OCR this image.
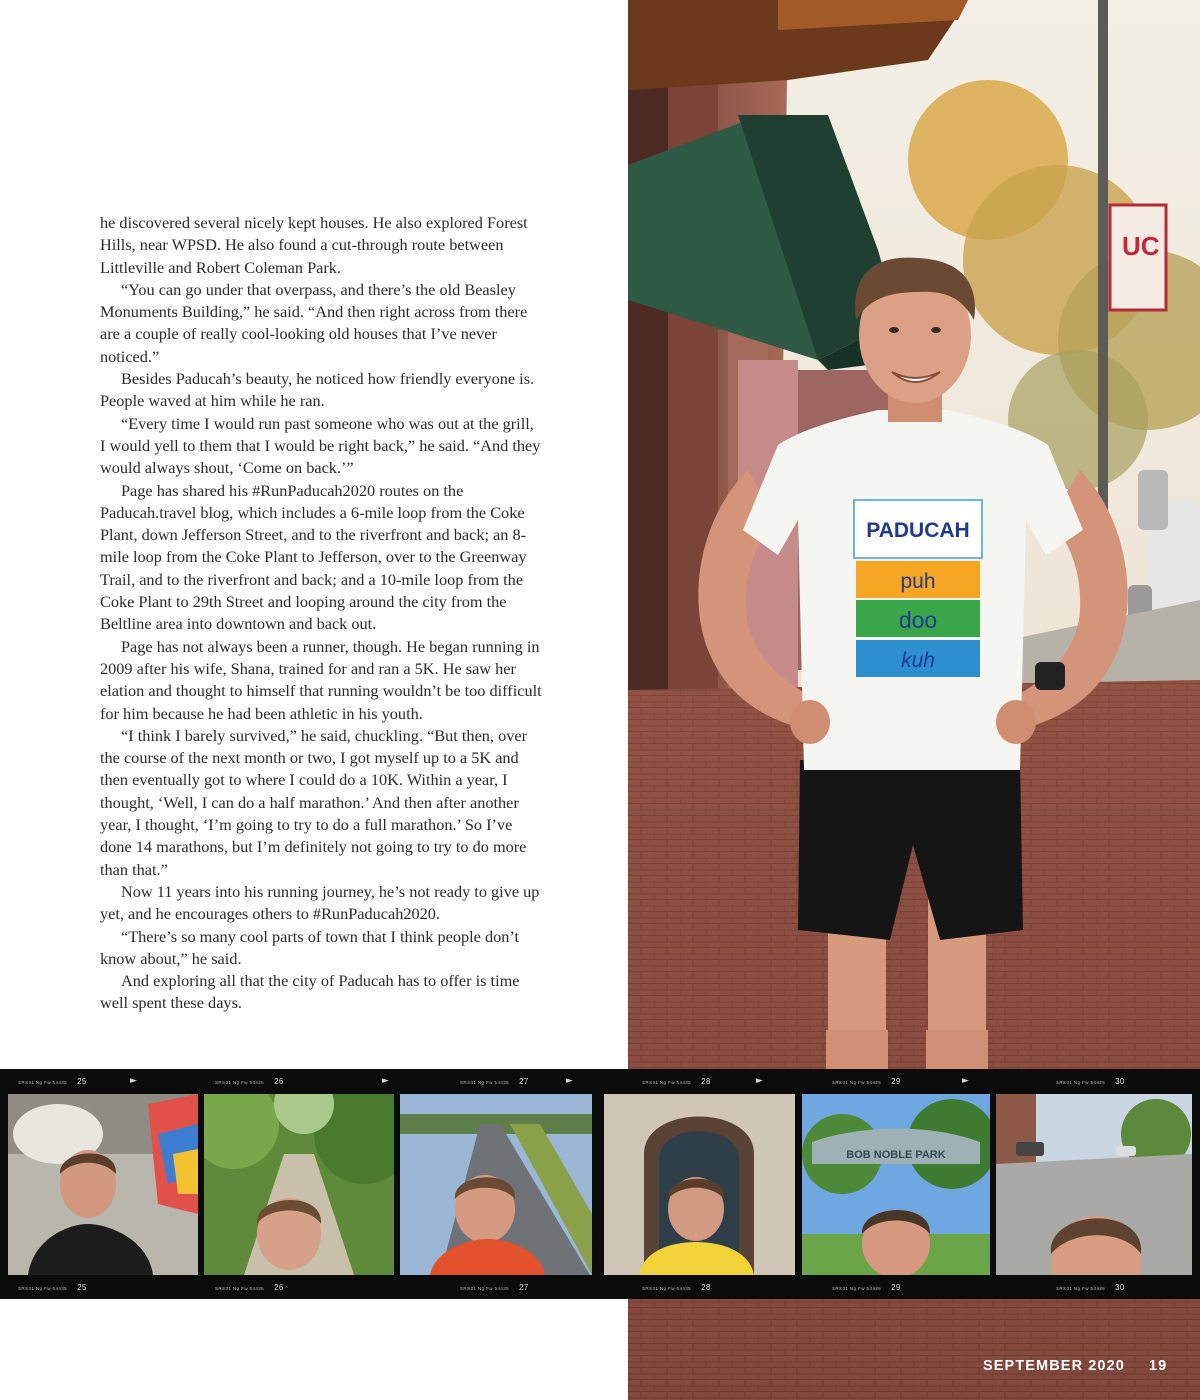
he discovered several nicely kept houses. He also explored Forest Hills, near WPSD. He also found a cut-through route between Littleville and Robert Coleman Park.

“You can go under that overpass, and there’s the old Beasley Monuments Building,” he said. “And then right across from there are a couple of really cool-looking old houses that I’ve never noticed.”

Besides Paducah’s beauty, he noticed how friendly everyone is. People waved at him while he ran.

“Every time I would run past someone who was out at the grill, I would yell to them that I would be right back,” he said. “And they would always shout, ‘Come on back.’”

Page has shared his #RunPaducah2020 routes on the Paducah.travel blog, which includes a 6-mile loop from the Coke Plant, down Jefferson Street, and to the riverfront and back; an 8-mile loop from the Coke Plant to Jefferson, over to the Greenway Trail, and to the riverfront and back; and a 10-mile loop from the Coke Plant to 29th Street and looping around the city from the Beltline area into downtown and back out.

Page has not always been a runner, though. He began running in 2009 after his wife, Shana, trained for and ran a 5K. He saw her elation and thought to himself that running wouldn’t be too difficult for him because he had been athletic in his youth.

“I think I barely survived,” he said, chuckling. “But then, over the course of the next month or two, I got myself up to a 5K and then eventually got to where I could do a 10K. Within a year, I thought, ‘Well, I can do a half marathon.’ And then after another year, I thought, ‘I’m going to try to do a full marathon.’ So I’ve done 14 marathons, but I’m definitely not going to try to do more than that.”

Now 11 years into his running journey, he’s not ready to give up yet, and he encourages others to #RunPaducah2020.

“There’s so many cool parts of town that I think people don’t know about,” he said.

And exploring all that the city of Paducah has to offer is time well spent these days.

UC
PADUCAH
puh
doo
kuh
SRS31 Ng Fw 54435 25	►	SRS31 Ng Fw 54435 26	►	SRS31 Ng Fw 54435 27	►	SRS31 Ng Fw 54435 28	►	SRS31 Ng Fw 54435 29	►	SRS31 Ng Fw 54435 30
BOB NOBLE PARK
SRS31 Ng Fw 54435 25	SRS31 Ng Fw 54435 26	SRS31 Ng Fw 54435 27	SRS31 Ng Fw 54435 28	SRS31 Ng Fw 54435 29	SRS31 Ng Fw 54435 30
SEPTEMBER 2020 19
